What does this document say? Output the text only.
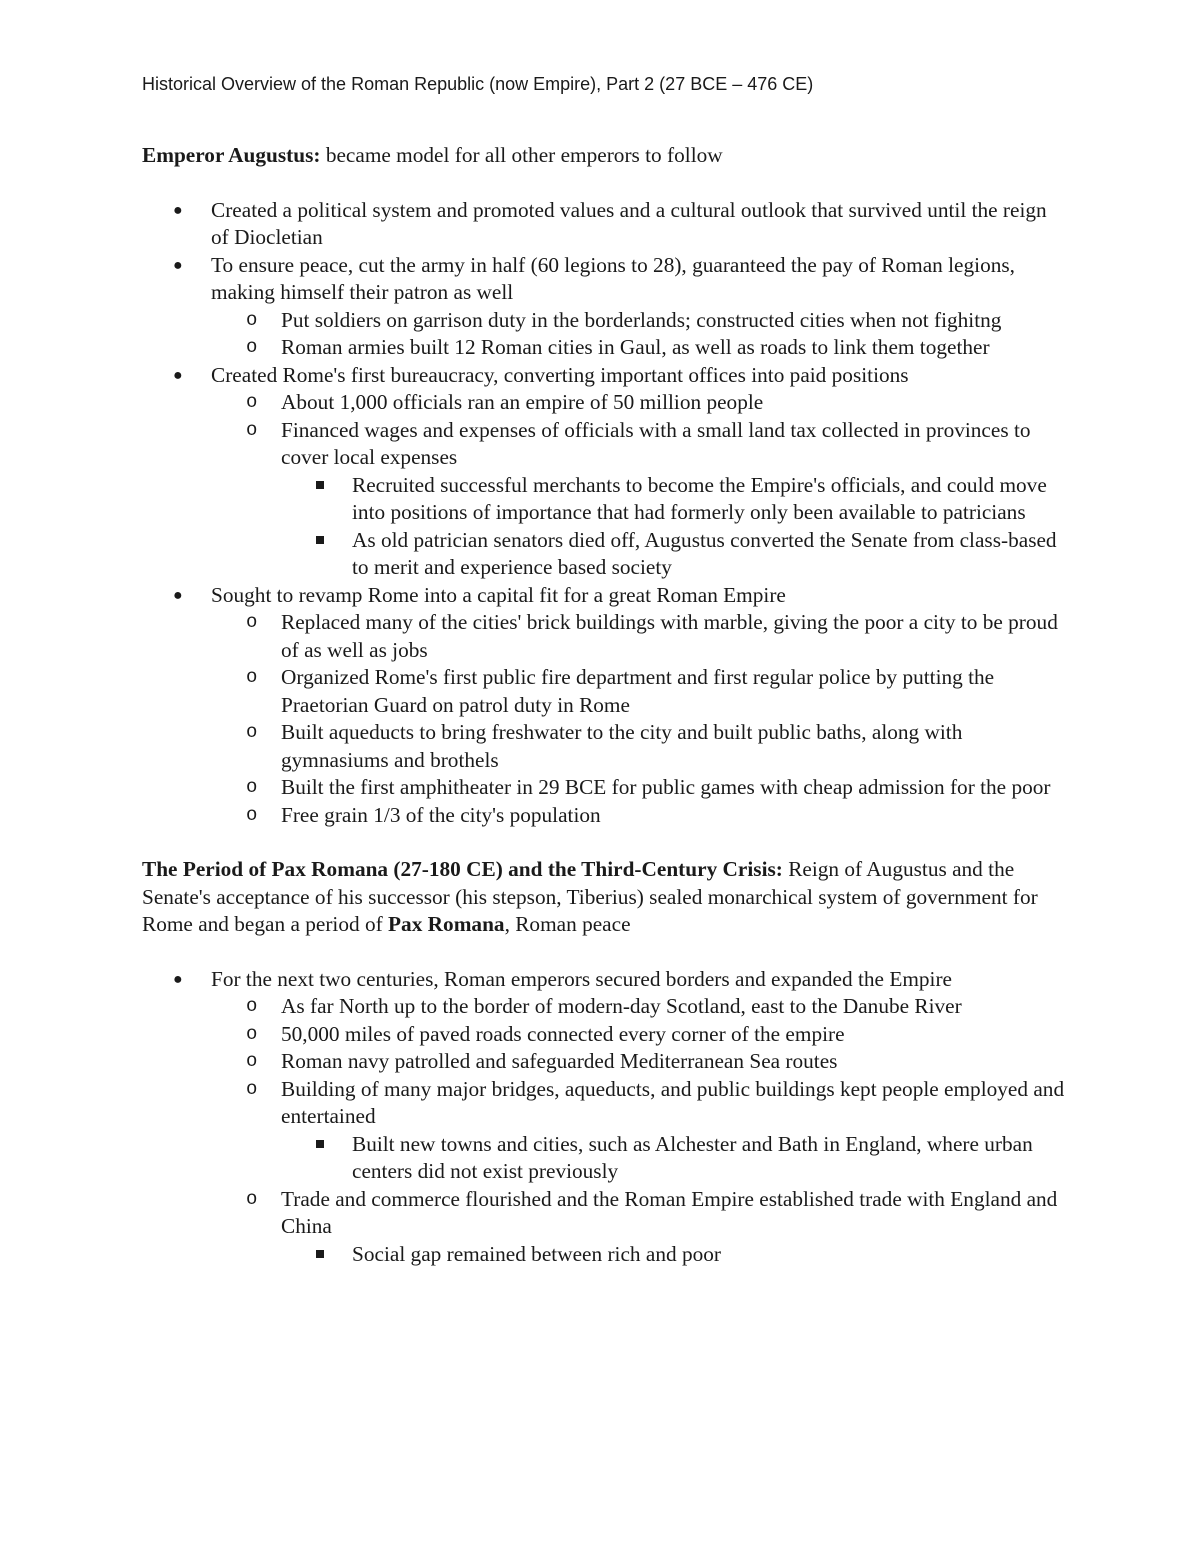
Historical Overview of the Roman Republic (now Empire), Part 2 (27 BCE – 476 CE)

Emperor Augustus: became model for all other emperors to follow

● Created a political system and promoted values and a cultural outlook that survived until the reign of Diocletian
● To ensure peace, cut the army in half (60 legions to 28), guaranteed the pay of Roman legions, making himself their patron as well
o Put soldiers on garrison duty in the borderlands; constructed cities when not fighitng
o Roman armies built 12 Roman cities in Gaul, as well as roads to link them together
● Created Rome's first bureaucracy, converting important offices into paid positions
o About 1,000 officials ran an empire of 50 million people
o Financed wages and expenses of officials with a small land tax collected in provinces to cover local expenses
Recruited successful merchants to become the Empire's officials, and could move into positions of importance that had formerly only been available to patricians
As old patrician senators died off, Augustus converted the Senate from class-based to merit and experience based society
● Sought to revamp Rome into a capital fit for a great Roman Empire
o Replaced many of the cities' brick buildings with marble, giving the poor a city to be proud of as well as jobs
o Organized Rome's first public fire department and first regular police by putting the Praetorian Guard on patrol duty in Rome
o Built aqueducts to bring freshwater to the city and built public baths, along with gymnasiums and brothels
o Built the first amphitheater in 29 BCE for public games with cheap admission for the poor
o Free grain 1/3 of the city's population

The Period of Pax Romana (27-180 CE) and the Third-Century Crisis: Reign of Augustus and the Senate's acceptance of his successor (his stepson, Tiberius) sealed monarchical system of government for Rome and began a period of Pax Romana, Roman peace

● For the next two centuries, Roman emperors secured borders and expanded the Empire
o As far North up to the border of modern-day Scotland, east to the Danube River
o 50,000 miles of paved roads connected every corner of the empire
o Roman navy patrolled and safeguarded Mediterranean Sea routes
o Building of many major bridges, aqueducts, and public buildings kept people employed and entertained
Built new towns and cities, such as Alchester and Bath in England, where urban centers did not exist previously
o Trade and commerce flourished and the Roman Empire established trade with England and China
Social gap remained between rich and poor
